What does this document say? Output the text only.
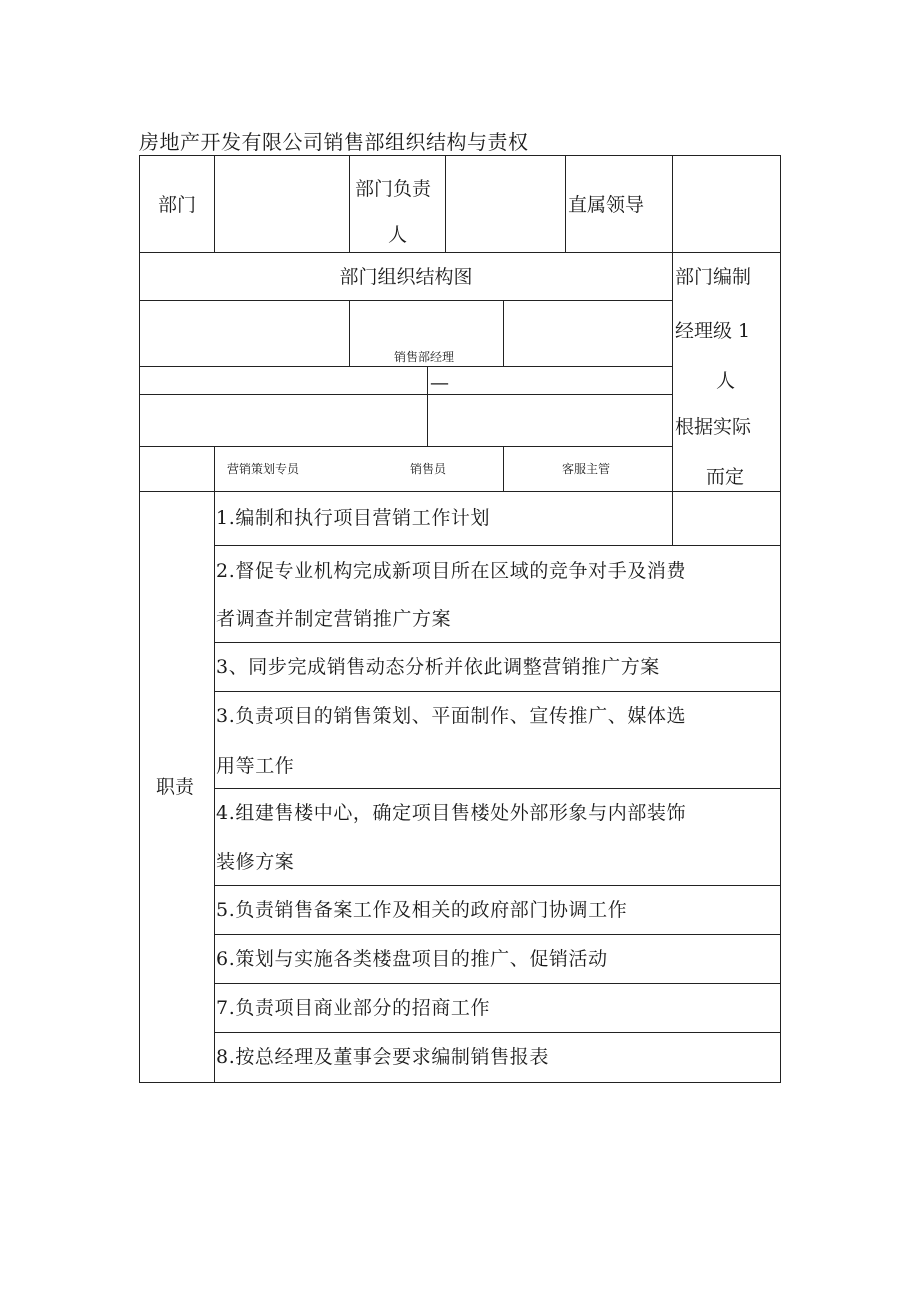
房地产开发有限公司销售部组织结构与责权
部门
部门负责
人
直属领导
部门组织结构图
销售部经理
—
营销策划专员	销售员	客服主管
部门编制
经理级 1
人
根据实际
而定
职责
1.编制和执行项目营销工作计划
2.督促专业机构完成新项目所在区域的竞争对手及消费
者调查并制定营销推广方案
3、同步完成销售动态分析并依此调整营销推广方案
3.负责项目的销售策划、平面制作、宣传推广、媒体选
用等工作
4.组建售楼中心，确定项目售楼处外部形象与内部装饰
装修方案
5.负责销售备案工作及相关的政府部门协调工作
6.策划与实施各类楼盘项目的推广、促销活动
7.负责项目商业部分的招商工作
8.按总经理及董事会要求编制销售报表
